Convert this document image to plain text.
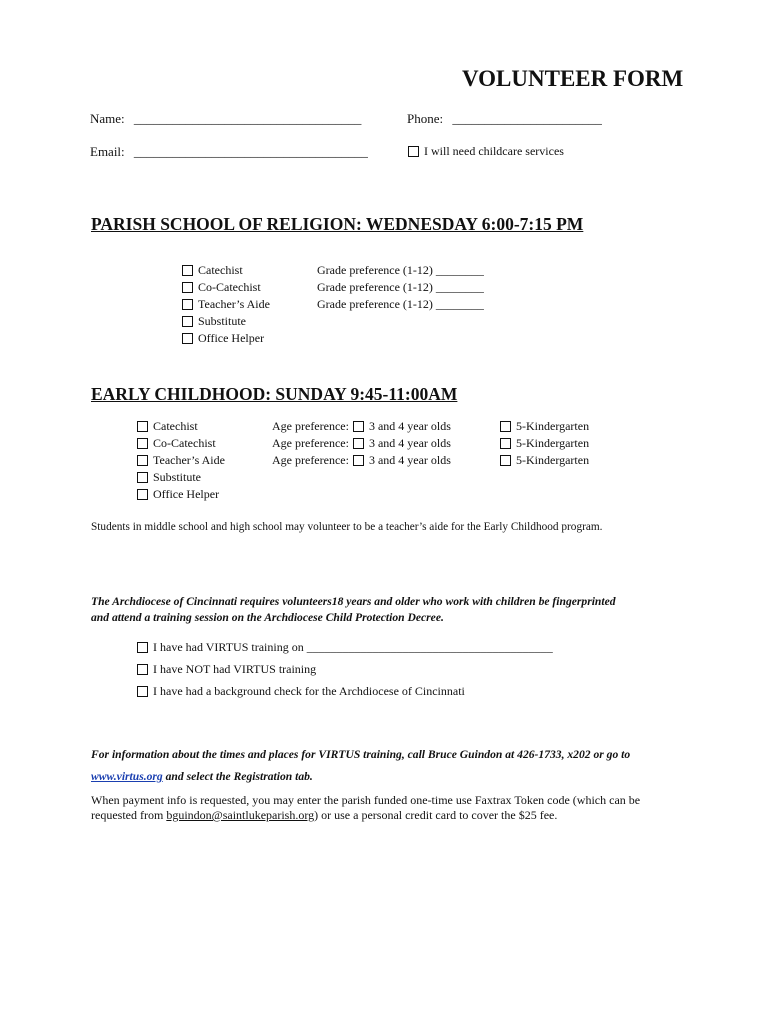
VOLUNTEER FORM
Name: ___________________________________	Phone: _______________________
Email: ____________________________________	I will need childcare services
PARISH SCHOOL OF RELIGION: WEDNESDAY 6:00-7:15 PM
Catechist
Co-Catechist
Teacher’s Aide
Substitute
Office Helper
Grade preference (1-12) ________
Grade preference (1-12) ________
Grade preference (1-12) ________
EARLY CHILDHOOD: SUNDAY 9:45-11:00AM
Catechist
Co-Catechist
Teacher’s Aide
Substitute
Office Helper
Age preference: 3 and 4 year olds
Age preference: 3 and 4 year olds
Age preference: 3 and 4 year olds
5-Kindergarten
5-Kindergarten
5-Kindergarten
Students in middle school and high school may volunteer to be a teacher’s aide for the Early Childhood program.
The Archdiocese of Cincinnati requires volunteers18 years and older who work with children be fingerprinted
and attend a training session on the Archdiocese Child Protection Decree.
I have had VIRTUS training on _________________________________________
I have NOT had VIRTUS training
I have had a background check for the Archdiocese of Cincinnati
For information about the times and places for VIRTUS training, call Bruce Guindon at 426-1733, x202 or go to
www.virtus.org and select the Registration tab.
When payment info is requested, you may enter the parish funded one-time use Faxtrax Token code (which can be
requested from bguindon@saintlukeparish.org) or use a personal credit card to cover the $25 fee.
